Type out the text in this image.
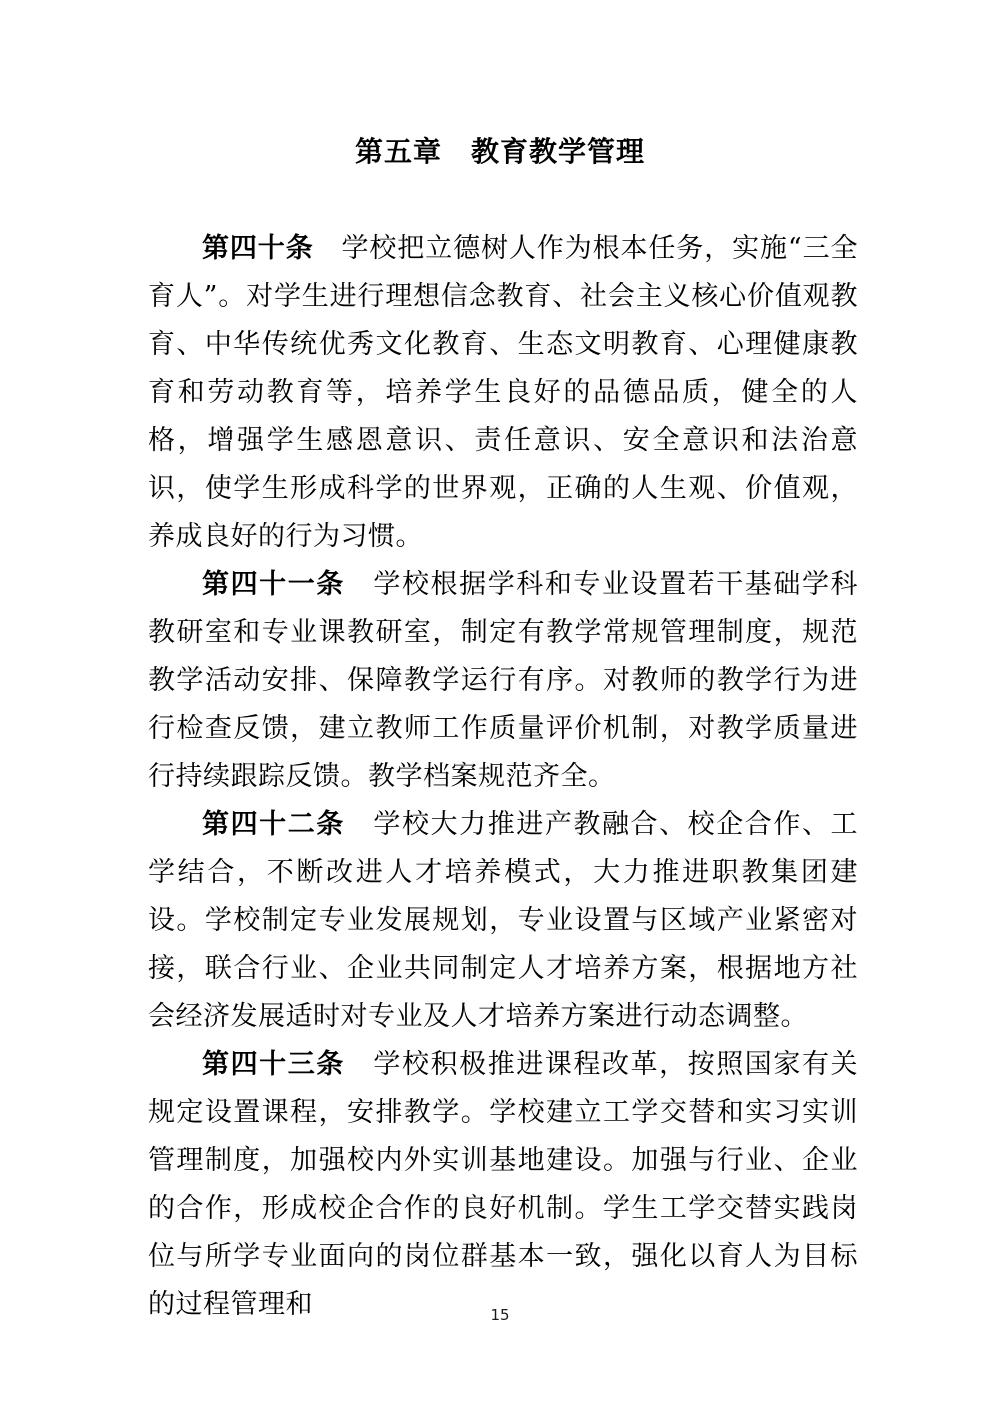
第五章　教育教学管理

第四十条　学校把立德树人作为根本任务，实施“三全育人”。对学生进行理想信念教育、社会主义核心价值观教育、中华传统优秀文化教育、生态文明教育、心理健康教育和劳动教育等，培养学生良好的品德品质，健全的人格，增强学生感恩意识、责任意识、安全意识和法治意识，使学生形成科学的世界观，正确的人生观、价值观，养成良好的行为习惯。

第四十一条　学校根据学科和专业设置若干基础学科教研室和专业课教研室，制定有教学常规管理制度，规范教学活动安排、保障教学运行有序。对教师的教学行为进行检查反馈，建立教师工作质量评价机制，对教学质量进行持续跟踪反馈。教学档案规范齐全。

第四十二条　学校大力推进产教融合、校企合作、工学结合，不断改进人才培养模式，大力推进职教集团建设。学校制定专业发展规划，专业设置与区域产业紧密对接，联合行业、企业共同制定人才培养方案，根据地方社会经济发展适时对专业及人才培养方案进行动态调整。

第四十三条　学校积极推进课程改革，按照国家有关规定设置课程，安排教学。学校建立工学交替和实习实训管理制度，加强校内外实训基地建设。加强与行业、企业的合作，形成校企合作的良好机制。学生工学交替实践岗位与所学专业面向的岗位群基本一致，强化以育人为目标的过程管理和	15
